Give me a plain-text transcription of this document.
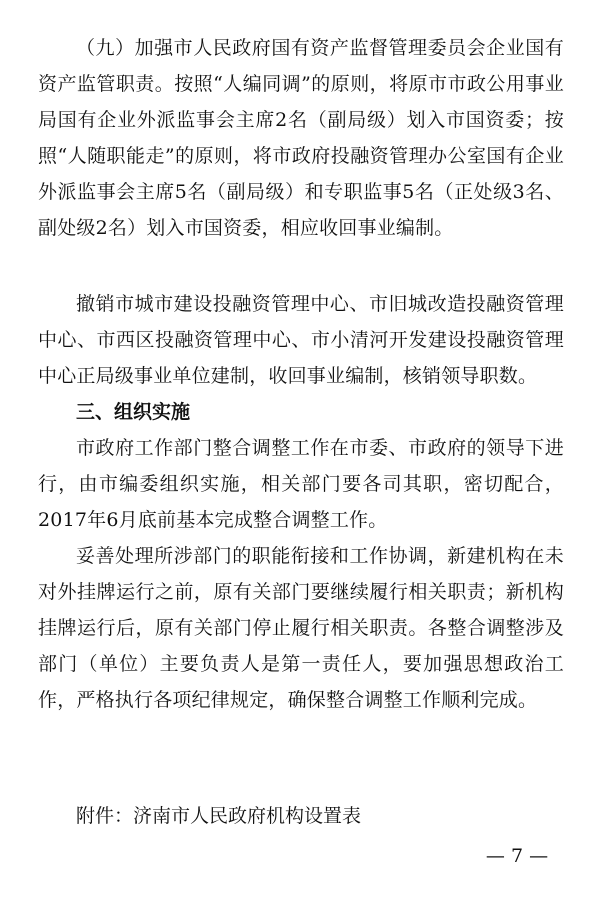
（九）加强市人民政府国有资产监督管理委员会企业国有资产监管职责。按照“人编同调”的原则，将原市市政公用事业局国有企业外派监事会主席2名（副局级）划入市国资委；按照“人随职能走”的原则，将市政府投融资管理办公室国有企业外派监事会主席5名（副局级）和专职监事5名（正处级3名、副处级2名）划入市国资委，相应收回事业编制。

撤销市城市建设投融资管理中心、市旧城改造投融资管理中心、市西区投融资管理中心、市小清河开发建设投融资管理中心正局级事业单位建制，收回事业编制，核销领导职数。

三、组织实施

市政府工作部门整合调整工作在市委、市政府的领导下进行，由市编委组织实施，相关部门要各司其职，密切配合，2017年6月底前基本完成整合调整工作。

妥善处理所涉部门的职能衔接和工作协调，新建机构在未对外挂牌运行之前，原有关部门要继续履行相关职责；新机构挂牌运行后，原有关部门停止履行相关职责。各整合调整涉及部门（单位）主要负责人是第一责任人，要加强思想政治工作，严格执行各项纪律规定，确保整合调整工作顺利完成。

附件：济南市人民政府机构设置表

— 7 —
